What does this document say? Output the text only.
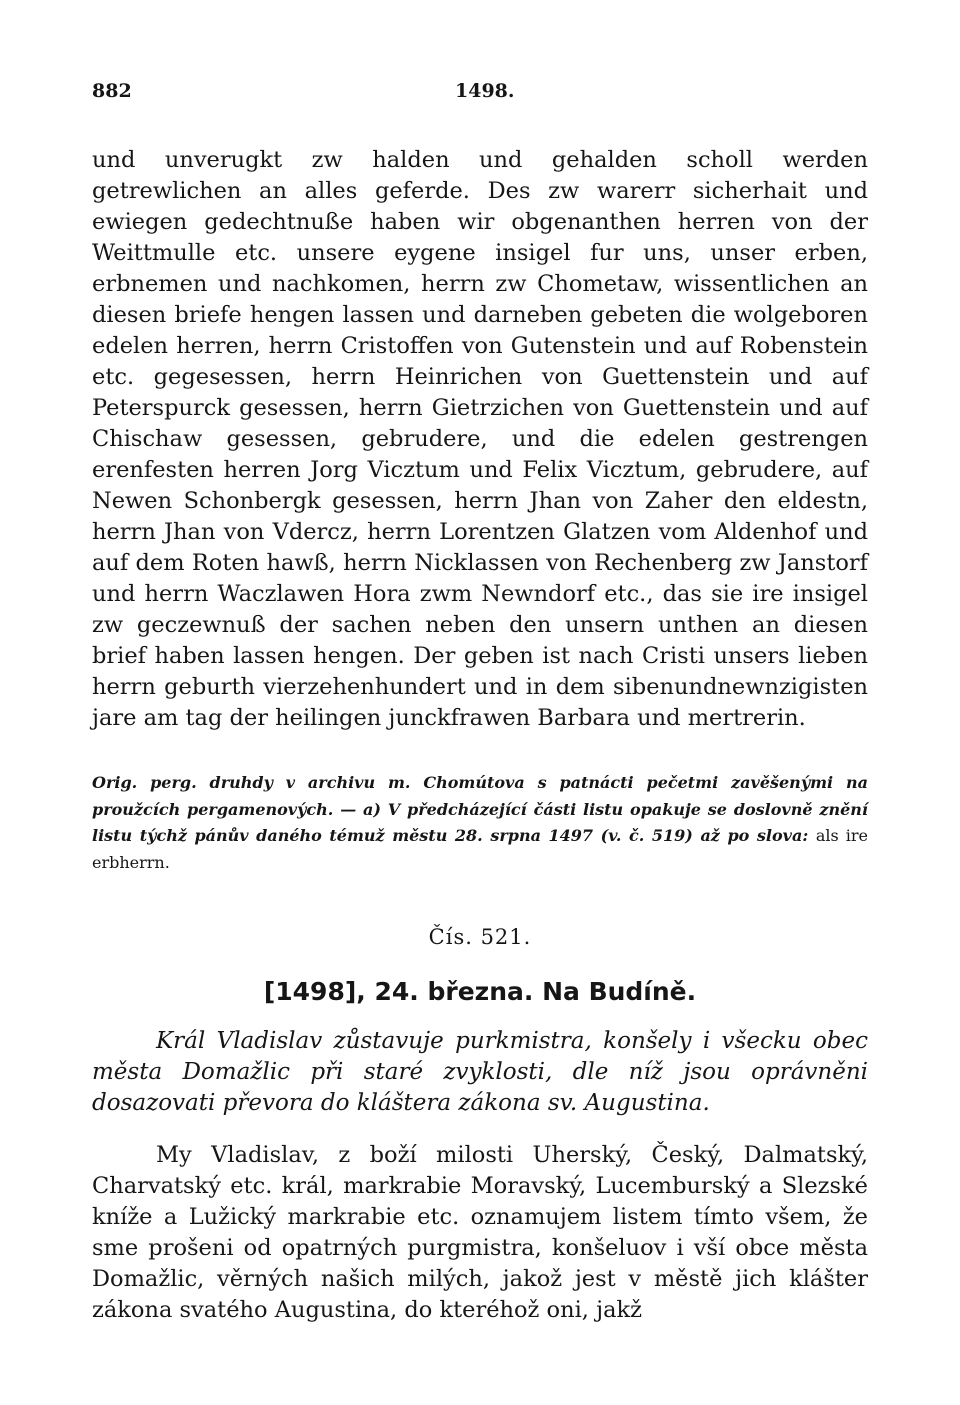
882	1498.

und unverugkt zw halden und gehalden scholl werden getrewlichen an alles geferde. Des zw warerr sicherhait und ewiegen gedechtnuße haben wir obgenanthen herren von der Weittmulle etc. unsere eygene insigel fur uns, unser erben, erbnemen und nachkomen, herrn zw Chometaw, wissentlichen an diesen briefe hengen lassen und darneben gebeten die wolgeboren edelen herren, herrn Cristoffen von Gutenstein und auf Robenstein etc. gegesessen, herrn Heinrichen von Guettenstein und auf Peterspurck gesessen, herrn Gietrzichen von Guettenstein und auf Chischaw gesessen, gebrudere, und die edelen gestrengen erenfesten herren Jorg Vicztum und Felix Vicztum, gebrudere, auf Newen Schonbergk gesessen, herrn Jhan von Zaher den eldestn, herrn Jhan von Vdercz, herrn Lorentzen Glatzen vom Aldenhof und auf dem Roten hawß, herrn Nicklassen von Rechenberg zw Janstorf und herrn Waczlawen Hora zwm Newndorf etc., das sie ire insigel zw geczewnuß der sachen neben den unsern unthen an diesen brief haben lassen hengen. Der geben ist nach Cristi unsers lieben herrn geburth vierzehenhundert und in dem sibenundnewnzigisten jare am tag der heilingen junckfrawen Barbara und mertrerin.

Orig. perg. druhdy v archivu m. Chomútova s patnácti pečetmi zavěšenými na proužcích pergamenových. — a) V předcházející části listu opakuje se doslovně znění listu týchž pánův daného témuž městu 28. srpna 1497 (v. č. 519) až po slova: als ire erbherrn.

Čís. 521.
[1498], 24. března. Na Budíně.

Král Vladislav zůstavuje purkmistra, konšely i všecku obec města Domažlic při staré zvyklosti, dle níž jsou oprávněni dosazovati převora do kláštera zákona sv. Augustina.

My Vladislav, z boží milosti Uherský, Český, Dalmatský, Charvatský etc. král, markrabie Moravský, Lucemburský a Slezské kníže a Lužický markrabie etc. oznamujem listem tímto všem, že sme prošeni od opatrných purgmistra, konšeluov i vší obce města Domažlic, věrných našich milých, jakož jest v městě jich klášter zákona svatého Augustina, do kteréhož oni, jakž
